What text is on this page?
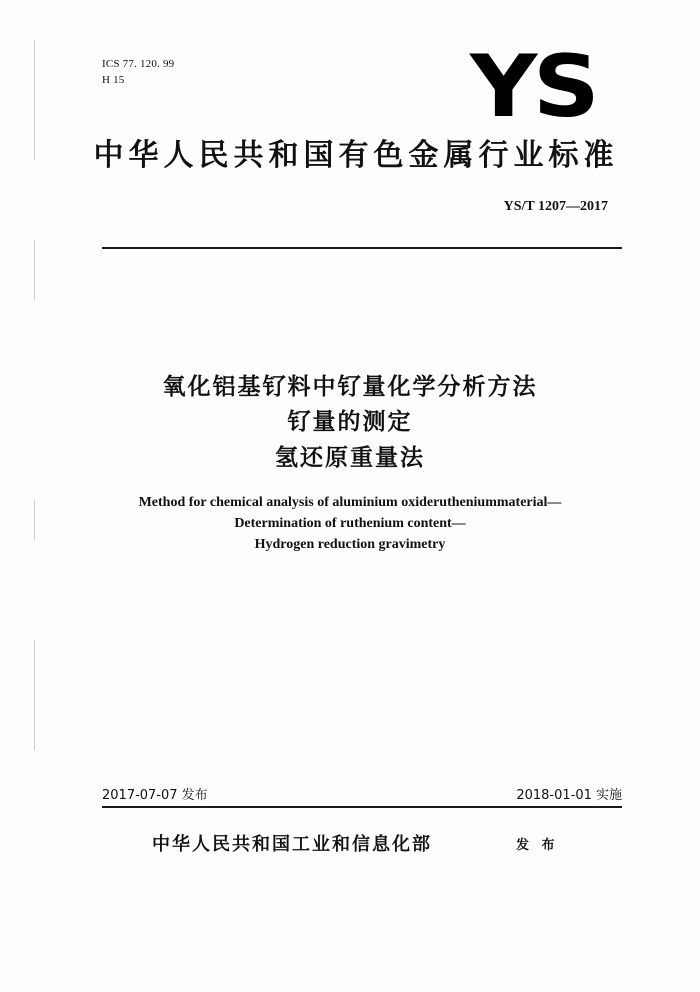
ICS 77. 120. 99
H 15	YS
中华人民共和国有色金属行业标准
YS/T 1207—2017
氧化铝基钌料中钌量化学分析方法
钌量的测定
氢还原重量法
Method for chemical analysis of aluminium oxiderutheniummaterial—
Determination of ruthenium content—
Hydrogen reduction gravimetry
2017-07-07 发布	2018-01-01 实施
中华人民共和国工业和信息化部	发 布
